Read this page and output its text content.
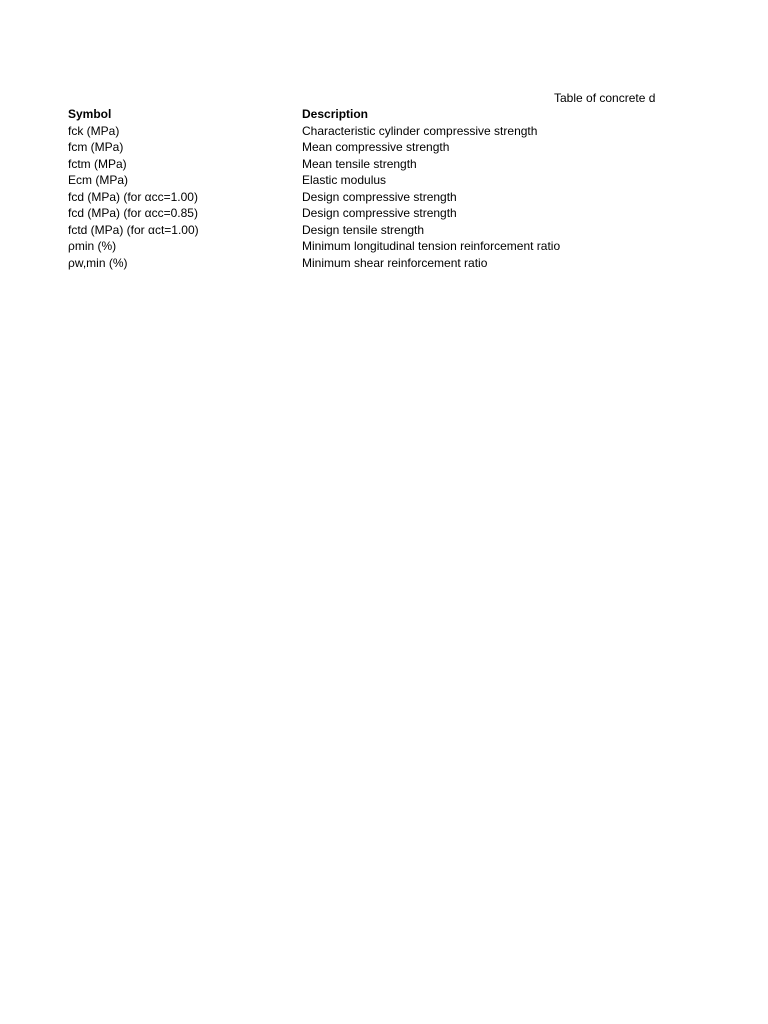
Table of concrete d
Symbol	Description
fck (MPa)	Characteristic cylinder compressive strength
fcm (MPa)	Mean compressive strength
fctm (MPa)	Mean tensile strength
Ecm (MPa)	Elastic modulus
fcd (MPa) (for αcc=1.00)	Design compressive strength
fcd (MPa) (for αcc=0.85)	Design compressive strength
fctd (MPa) (for αct=1.00)	Design tensile strength
ρmin (%)	Minimum longitudinal tension reinforcement ratio
ρw,min (%)	Minimum shear reinforcement ratio
